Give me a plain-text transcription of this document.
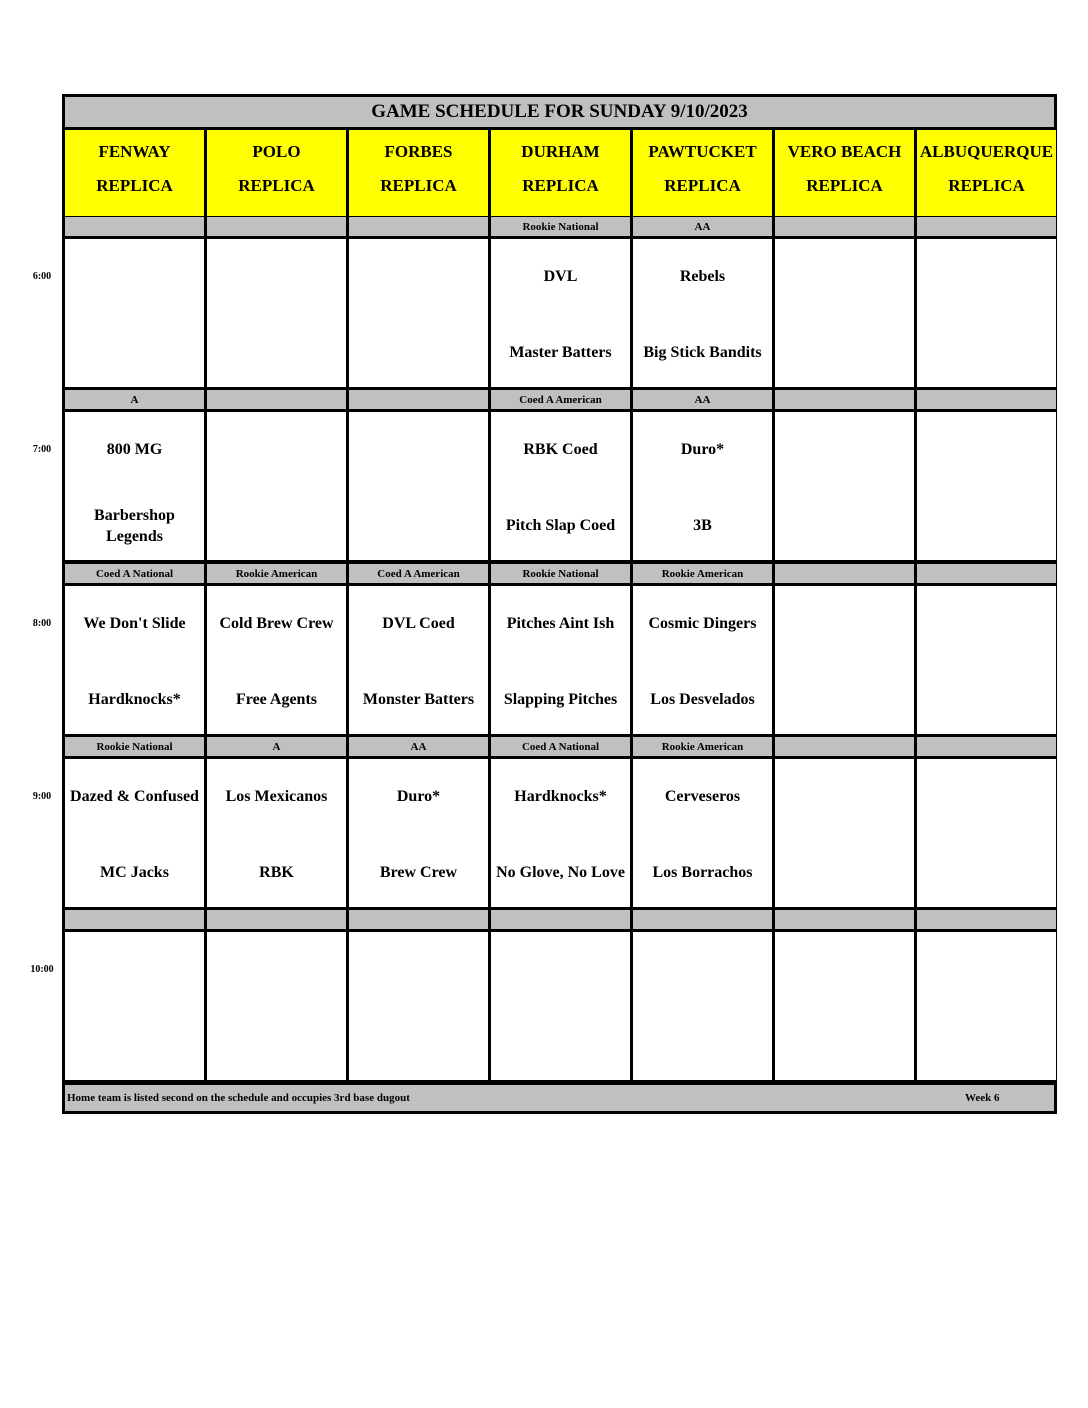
GAME SCHEDULE FOR SUNDAY 9/10/2023
FENWAY
REPLICA
POLO
REPLICA
FORBES
REPLICA
DURHAM
REPLICA
PAWTUCKET
REPLICA
VERO BEACH
REPLICA
ALBUQUERQUE
REPLICA
Rookie National
DVL
Master Batters
AA
Rebels
Big Stick Bandits
A
800 MG
Barbershop Legends
Coed A American
RBK Coed
Pitch Slap Coed
AA
Duro*
3B
Coed A National
We Don't Slide
Hardknocks*
Rookie American
Cold Brew Crew
Free Agents
Coed A American
DVL Coed
Monster Batters
Rookie National
Pitches Aint Ish
Slapping Pitches
Rookie American
Cosmic Dingers
Los Desvelados
Rookie National
Dazed & Confused
MC Jacks
A
Los Mexicanos
RBK
AA
Duro*
Brew Crew
Coed A National
Hardknocks*
No Glove, No Love
Rookie American
Cerveseros
Los Borrachos
Home team is listed second on the schedule and occupies 3rd base dugout	Week 6
6:00
7:00
8:00
9:00
10:00
